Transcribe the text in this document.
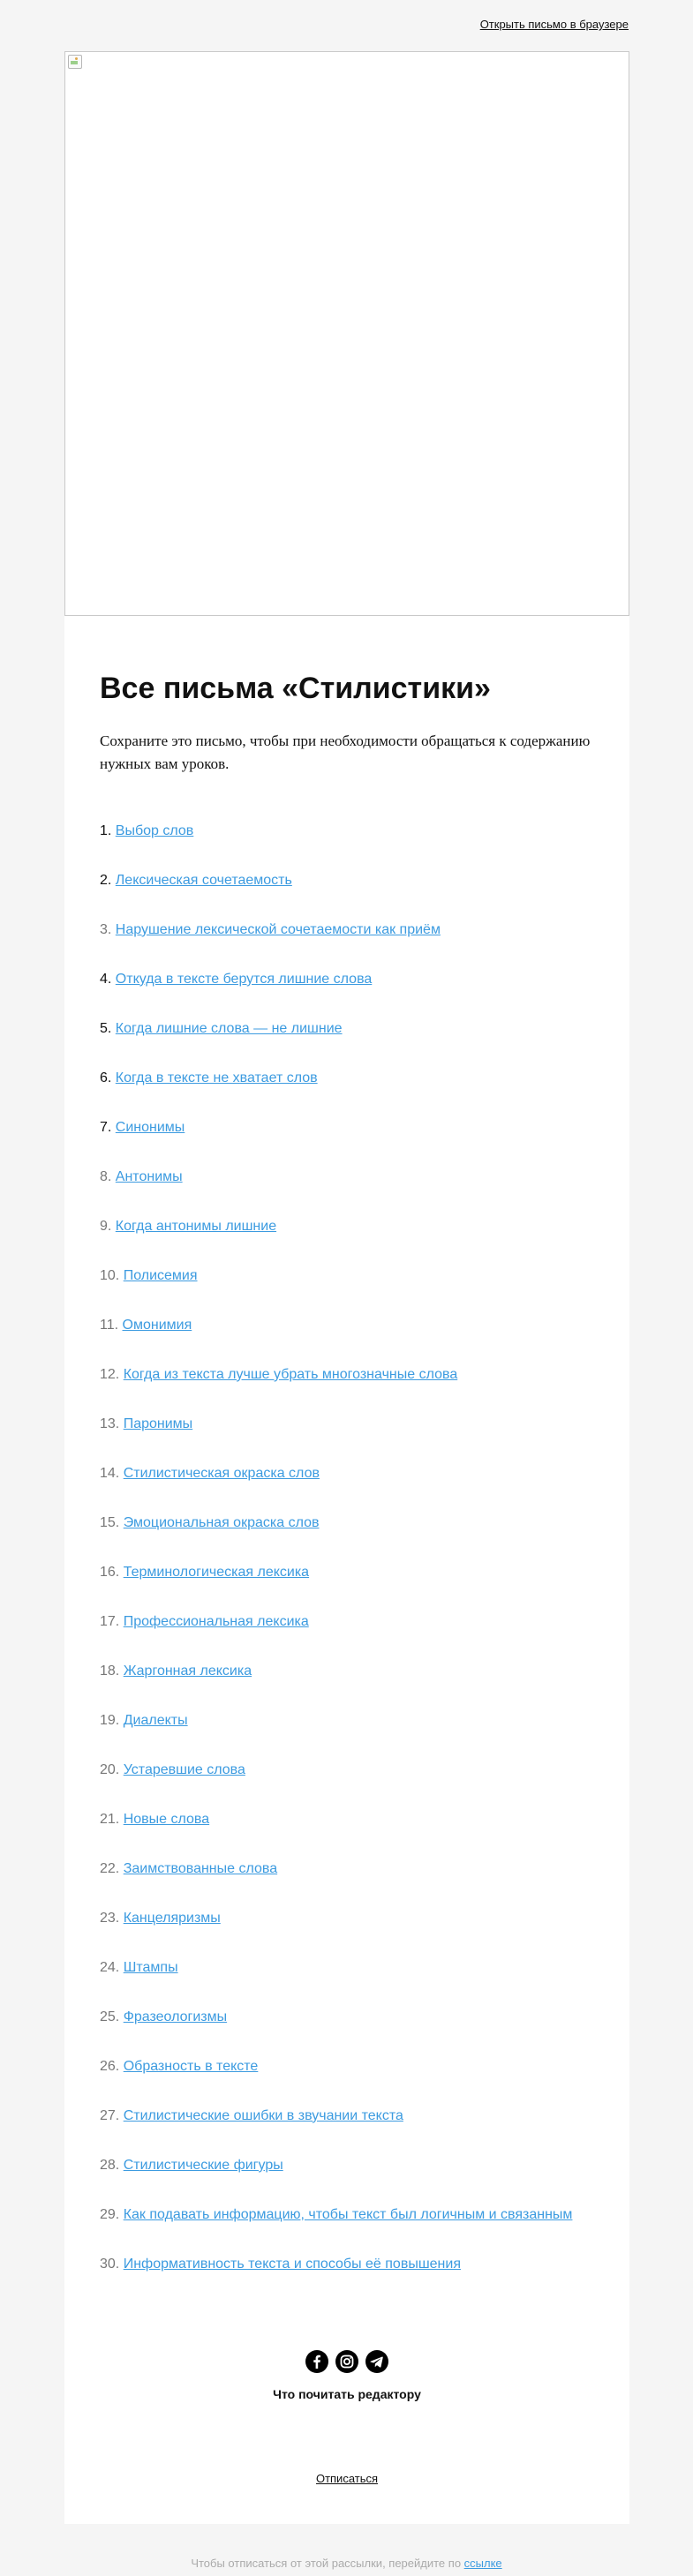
Открыть письмо в браузере
Все письма «Стилистики»

Сохраните это письмо, чтобы при необходимости обращаться к содержанию нужных вам уроков.

1. Выбор слов
2. Лексическая сочетаемость
3. Нарушение лексической сочетаемости как приём
4. Откуда в тексте берутся лишние слова
5. Когда лишние слова — не лишние
6. Когда в тексте не хватает слов
7. Синонимы
8. Антонимы
9. Когда антонимы лишние
10. Полисемия
11. Омонимия
12. Когда из текста лучше убрать многозначные слова
13. Паронимы
14. Стилистическая окраска слов
15. Эмоциональная окраска слов
16. Терминологическая лексика
17. Профессиональная лексика
18. Жаргонная лексика
19. Диалекты
20. Устаревшие слова
21. Новые слова
22. Заимствованные слова
23. Канцеляризмы
24. Штампы
25. Фразеологизмы
26. Образность в тексте
27. Стилистические ошибки в звучании текста
28. Стилистические фигуры
29. Как подавать информацию, чтобы текст был логичным и связанным
30. Информативность текста и способы её повышения
Что почитать редактору
Отписаться
Чтобы отписаться от этой рассылки, перейдите по ссылке
